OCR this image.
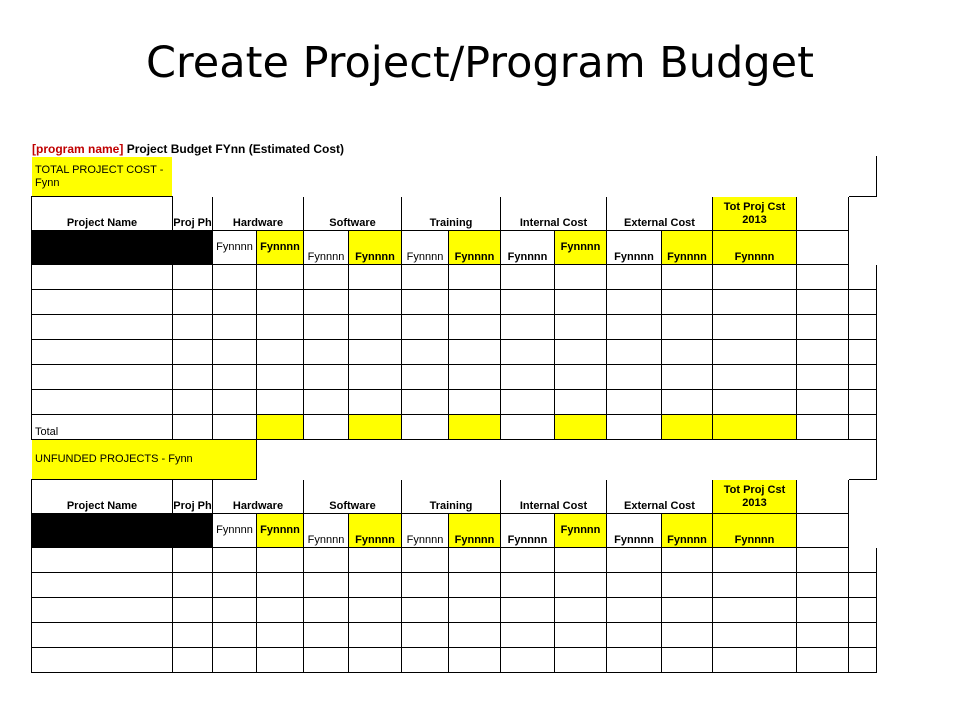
Create Project/Program Budget
[program name] Project Budget FYnn (Estimated Cost)
TOTAL PROJECT COST - Fynn															
Project Name	Proj Ph	Hardware		Software		Training		Internal Cost		External Cost		Tot Proj Cst 2013			
		Fynnnn	Fynnnn	Fynnnn	Fynnnn	Fynnnn	Fynnnn	Fynnnn	Fynnnn	Fynnnn	Fynnnn	Fynnnn			

Total															
UNFUNDED PROJECTS - Fynn															
Project Name	Proj Ph	Hardware		Software		Training		Internal Cost		External Cost		Tot Proj Cst 2013			
		Fynnnn	Fynnnn	Fynnnn	Fynnnn	Fynnnn	Fynnnn	Fynnnn	Fynnnn	Fynnnn	Fynnnn	Fynnnn			
